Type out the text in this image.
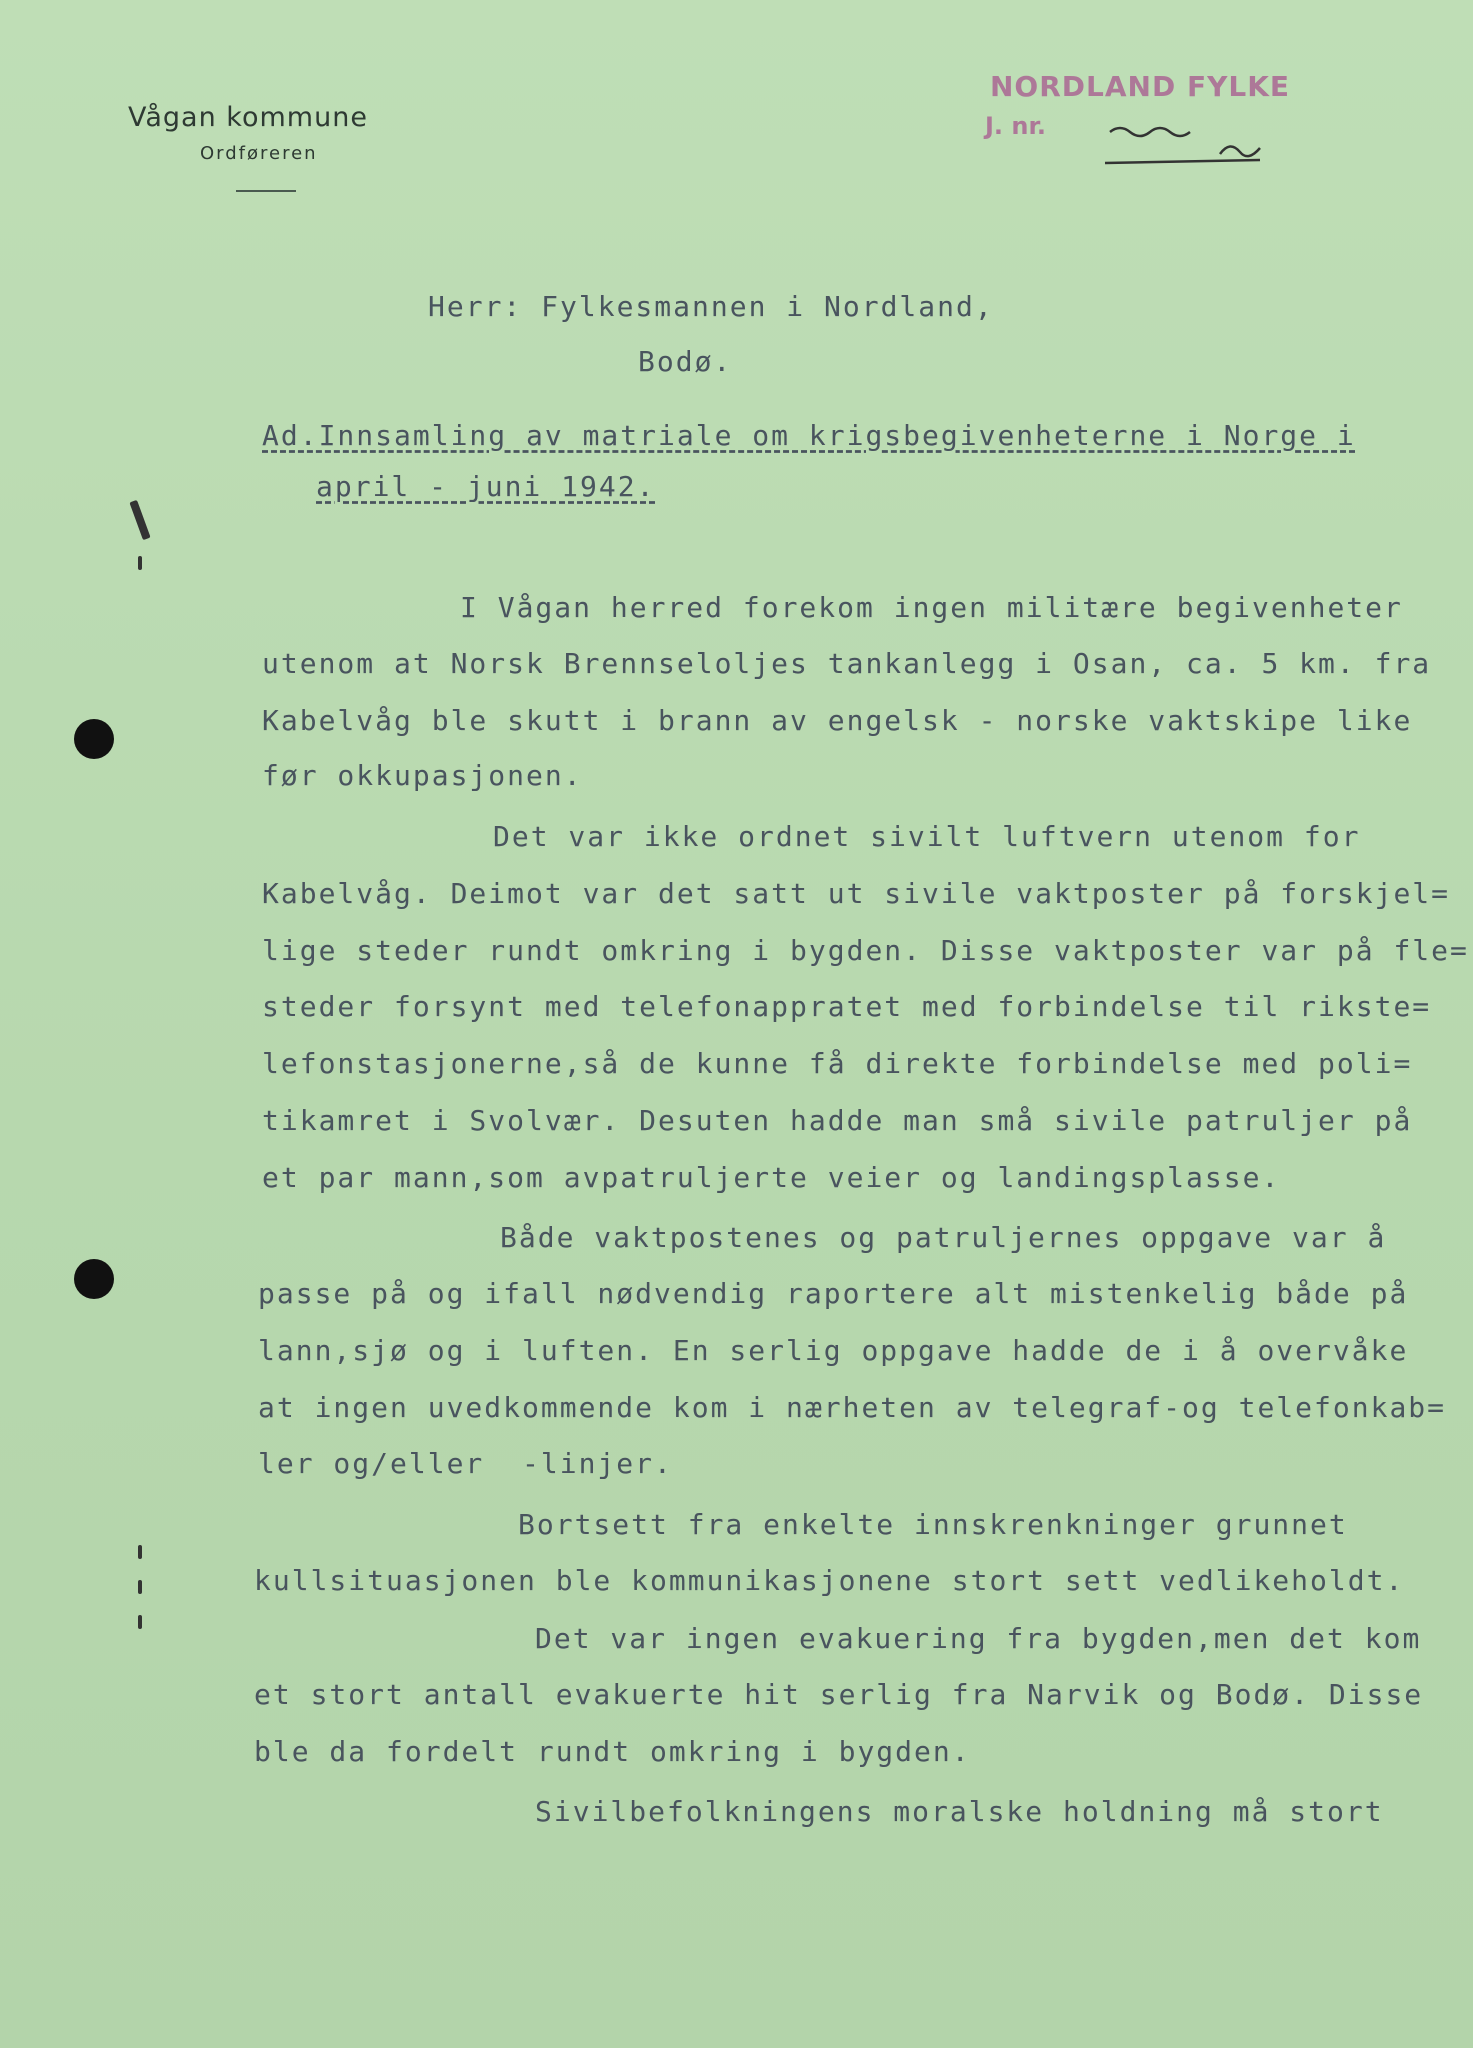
Vågan kommune
Ordføreren
NORDLAND FYLKE
J. nr.
Herr: Fylkesmannen i Nordland,
Bodø.
Ad.Innsamling av matriale om krigsbegivenheterne i Norge i
april - juni 1942.
I Vågan herred forekom ingen militære begivenheter
utenom at Norsk Brennseloljes tankanlegg i Osan, ca. 5 km. fra
Kabelvåg ble skutt i brann av engelsk - norske vaktskipe like
før okkupasjonen.
Det var ikke ordnet sivilt luftvern utenom for
Kabelvåg. Deimot var det satt ut sivile vaktposter på forskjel=
lige steder rundt omkring i bygden. Disse vaktposter var på fle=
steder forsynt med telefonappratet med forbindelse til rikste=
lefonstasjonerne,så de kunne få direkte forbindelse med poli=
tikamret i Svolvær. Desuten hadde man små sivile patruljer på
et par mann,som avpatruljerte veier og landingsplasse.
Både vaktpostenes og patruljernes oppgave var å
passe på og ifall nødvendig raportere alt mistenkelig både på
lann,sjø og i luften. En serlig oppgave hadde de i å overvåke
at ingen uvedkommende kom i nærheten av telegraf-og telefonkab=
ler og/eller  -linjer.
Bortsett fra enkelte innskrenkninger grunnet
kullsituasjonen ble kommunikasjonene stort sett vedlikeholdt.
Det var ingen evakuering fra bygden,men det kom
et stort antall evakuerte hit serlig fra Narvik og Bodø. Disse
ble da fordelt rundt omkring i bygden.
Sivilbefolkningens moralske holdning må stort
